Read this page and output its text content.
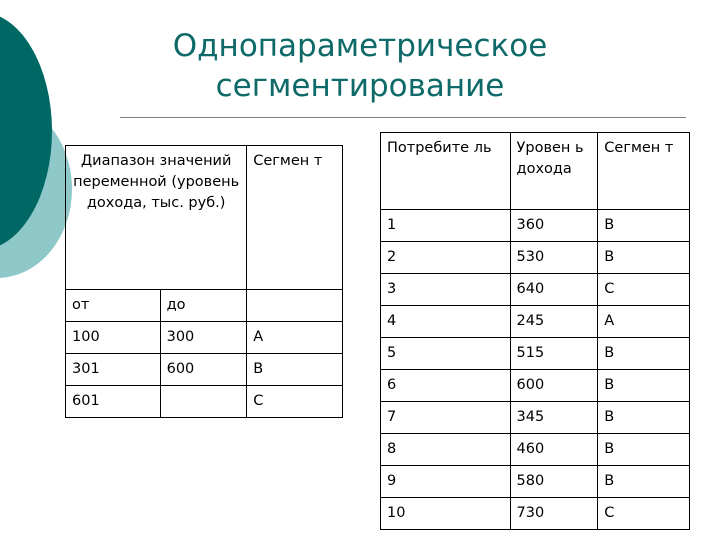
Однопараметрическое
сегментирование
Диапазон значений переменной (уровень дохода, тыс. руб.)		Сегмен т
от	до	
100	300	A
301	600	B
601		C
Потребите ль	Уровен ь дохода	Сегмен т
1	360	B
2	530	B
3	640	C
4	245	A
5	515	B
6	600	B
7	345	B
8	460	B
9	580	B
10	730	C
